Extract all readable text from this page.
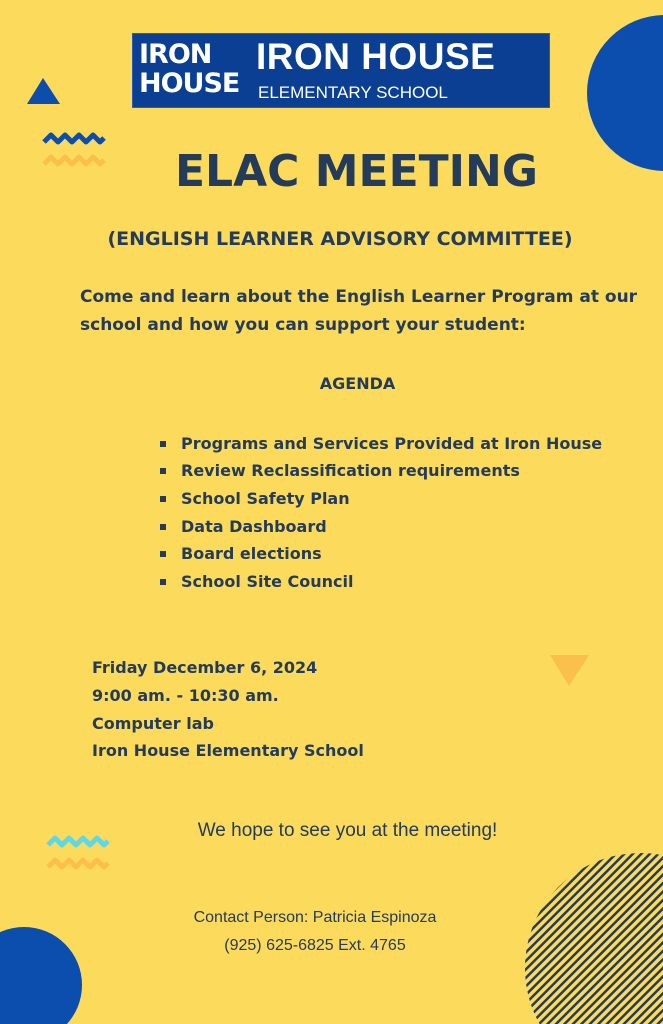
IRON
HOUSE
IRON HOUSE
ELEMENTARY SCHOOL
ELAC MEETING
(ENGLISH LEARNER ADVISORY COMMITTEE)
Come and learn about the English Learner Program at our school and how you can support your student:
AGENDA
Programs and Services Provided at Iron House
Review Reclassification requirements
School Safety Plan
Data Dashboard
Board elections
School Site Council
Friday December 6, 2024
9:00 am. - 10:30 am.
Computer lab
Iron House Elementary School
We hope to see you at the meeting!
Contact Person: Patricia Espinoza
(925) 625-6825 Ext. 4765
